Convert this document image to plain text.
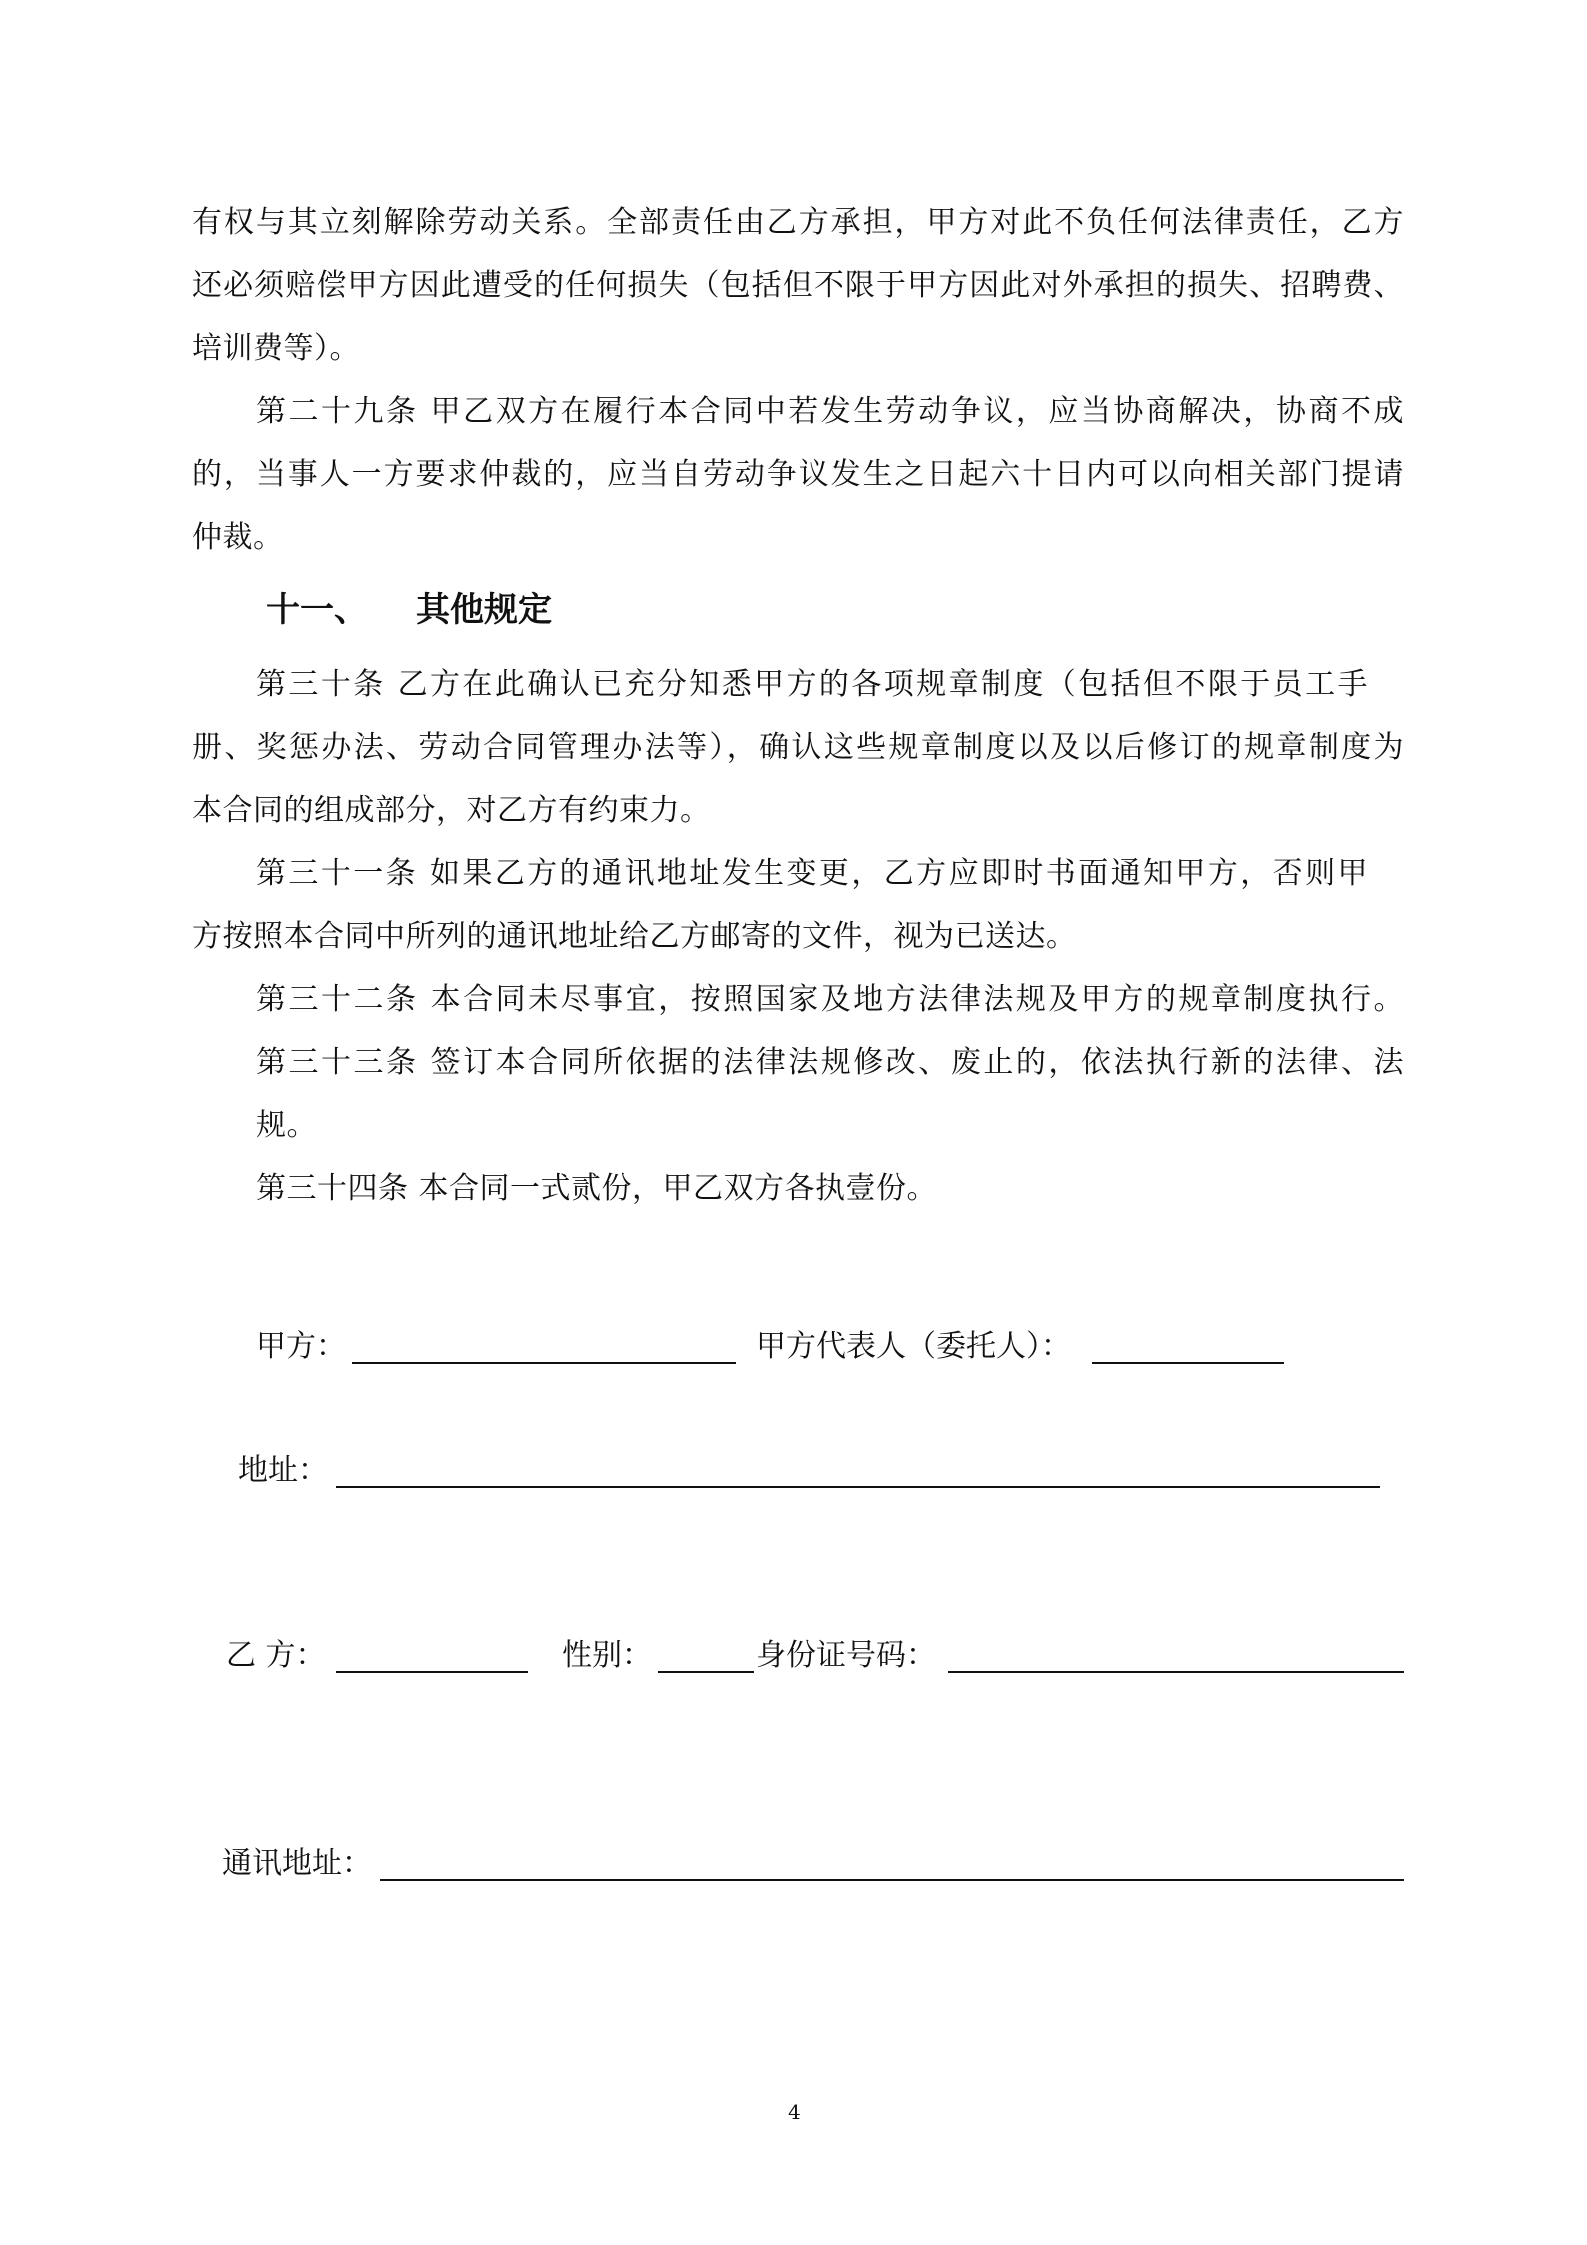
有权与其立刻解除劳动关系。全部责任由乙方承担，甲方对此不负任何法律责任，乙方
还必须赔偿甲方因此遭受的任何损失（包括但不限于甲方因此对外承担的损失、招聘费、
培训费等）。
第二十九条 甲乙双方在履行本合同中若发生劳动争议，应当协商解决，协商不成
的，当事人一方要求仲裁的，应当自劳动争议发生之日起六十日内可以向相关部门提请
仲裁。
十一、 其他规定
第三十条 乙方在此确认已充分知悉甲方的各项规章制度（包括但不限于员工手
册、奖惩办法、劳动合同管理办法等），确认这些规章制度以及以后修订的规章制度为
本合同的组成部分，对乙方有约束力。
第三十一条 如果乙方的通讯地址发生变更，乙方应即时书面通知甲方，否则甲
方按照本合同中所列的通讯地址给乙方邮寄的文件，视为已送达。
第三十二条 本合同未尽事宜，按照国家及地方法律法规及甲方的规章制度执行。
第三十三条 签订本合同所依据的法律法规修改、废止的，依法执行新的法律、法
规。
第三十四条 本合同一式贰份，甲乙双方各执壹份。
甲方：	甲方代表人（委托人）：
地址：
乙 方：	性别：	身份证号码：
通讯地址：
4
